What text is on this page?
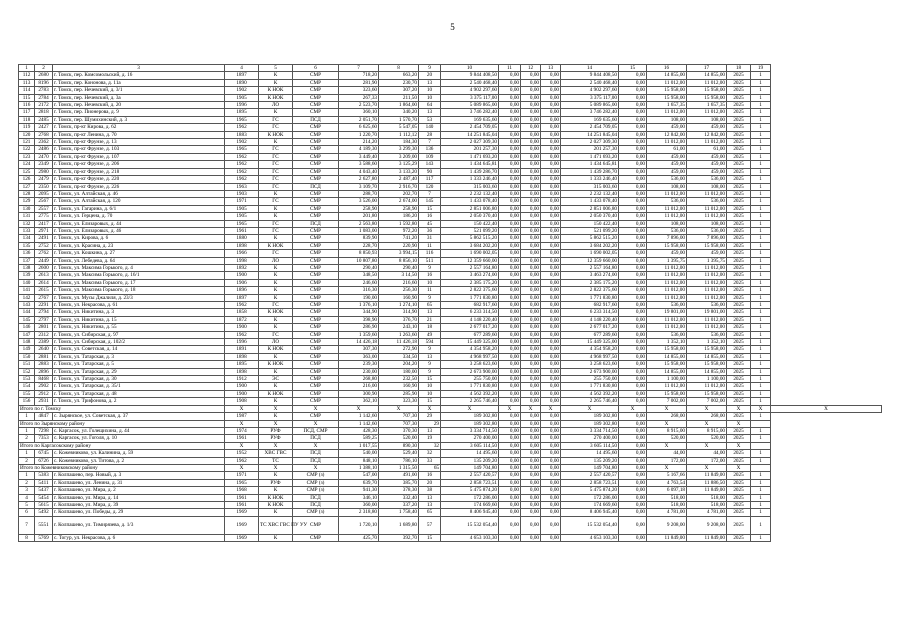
5
1	2	3	4	5	6	7	8	9	10	11	12	13	14	15	16	17	18	19	
112	2680	г. Томск, пер. Комсомольский, д. 16	1897	К	СМР	718,20	663,20	20	9 844 408,50	0,00	0,00	0,00	9 844 408,50	0,00	14 855,00	14 855,00	2025	1	
113	8196	г. Томск, пер. Кононова, д. 11а	1890	К	СМР	281,90	230,70	13	2 540 468,40	0,00	0,00	0,00	2 540 468,40	0,00	11 012,00	11 012,00	2025	1	
114	2783	г. Томск, пер. Нечевский, д. 3/1	1902	К НОК	СМР	323,60	307,20	10	4 902 297,60	0,00	0,00	0,00	4 902 297,60	0,00	15 958,00	15 958,00	2025	1	
115	2784	г. Томск, пер. Нечевский, д. 3а	1905	К НОК	СМР	267,33	211,50	10	3 375 117,00	0,00	0,00	0,00	3 375 117,00	0,00	15 958,00	15 958,00	2025	1	
116	2172	г. Томск, пер. Нечевский, д. 20	1996	ЛО	СМР	2 523,70	1 864,00	64	5 089 865,00	0,00	0,00	0,00	5 089 865,00	0,00	1 657,35	1 657,35	2025	1	
117	2818	г. Томск, пер. Пионерова, д. 9	1895	К	СМР	360,10	340,20	13	3 746 282,40	0,00	0,00	0,00	3 746 282,40	0,00	11 012,00	11 012,00	2025	1	
118	2485	г. Томск, пер. Шумихинский, д. 3	1965	ГС	ПСД	2 051,70	1 570,70	53	169 635,60	0,00	0,00	0,00	169 635,60	0,00	108,00	108,00	2025	1	
119	2427	г. Томск, пр-кт Кирова, д. 62	1962	ГС	СМР	6 625,60	5 547,05	140	2 454 709,05	0,00	0,00	0,00	2 454 709,05	0,00	459,00	459,00	2025	1	
120	2768	г. Томск, пр-кт Ленина, д. 70	1883	К НОК	СМР	1 220,70	1 112,12	28	14 251 845,04	0,00	0,00	0,00	14 251 845,04	0,00	12 842,00	12 842,00	2025	1	
121	2362	г. Томск, пр-кт Фрунзе, д. 13	1902	К	СМР	214,20	184,30	7	2 027 309,30	0,00	0,00	0,00	2 027 309,30	0,00	11 012,00	11 012,00	2025	1	
122	2486	г. Томск, пр-кт Фрунзе, д. 103	1965	ГС	СМР	4 189,30	3 299,30	136	201 257,30	0,00	0,00	0,00	201 257,30	0,00	61,00	61,00	2025	1	
123	2470	г. Томск, пр-кт Фрунзе, д. 107	1962	ГС	СМР	3 449,40	3 209,00	109	1 471 693,20	0,00	0,00	0,00	1 471 693,20	0,00	459,00	459,00	2025	1	
124	2349	г. Томск, пр-кт Фрунзе, д. 206	1962	ГС	СМР	3 588,60	3 125,29	143	1 434 645,81	0,00	0,00	0,00	1 434 645,81	0,00	459,00	459,00	2025	1	
125	2980	г. Томск, пр-кт Фрунзе, д. 218	1962	ГС	СМР	4 043,40	3 133,20	90	1 439 286,70	0,00	0,00	0,00	1 439 286,70	0,00	459,00	459,00	2025	1	
126	2479	г. Томск, пр-кт Фрунзе, д. 220	1962	ГС	СМР	2 627,80	2 487,40	117	1 333 246,40	0,00	0,00	0,00	1 333 246,40	0,00	536,00	536,00	2025	1	
127	2350	г. Томск, пр-кт Фрунзе, д. 226	1963	ГС	ПСД	3 109,70	2 916,70	120	315 003,60	0,00	0,00	0,00	315 003,60	0,00	108,00	108,00	2025	1	
128	2095	г. Томск, ул. Алтайская, д. 46	1903	К	СМР	288,70	202,70	7	2 232 132,40	0,00	0,00	0,00	2 232 132,40	0,00	11 012,00	11 012,00	2025	1	
129	2567	г. Томск, ул. Алтайская, д. 120	1971	ГС	СМР	3 526,00	2 674,00	145	1 433 078,40	0,00	0,00	0,00	1 433 078,40	0,00	536,00	536,00	2025	1	
130	2557	г. Томск, ул. Гагарина, д. 6/1	1905	К	СМР	258,90	258,90	15	2 851 006,80	0,00	0,00	0,00	2 851 006,80	0,00	11 012,00	11 012,00	2025	1	
131	2775	г. Томск, ул. Герцена, д. 70	1905	К	СМР	201,80	186,20	16	2 050 370,40	0,00	0,00	0,00	2 050 370,40	0,00	11 012,00	11 012,00	2025	1	
132	2417	г. Томск, ул. Елизаровых, д. 44	1965	ГС	ПСД	2 563,80	1 592,80	45	150 422,40	0,00	0,00	0,00	150 422,40	0,00	108,00	108,00	2025	1	
133	2971	г. Томск, ул. Елизаровых, д. 46	1961	ГС	СМР	1 083,00	972,20	36	521 099,20	0,00	0,00	0,00	521 099,20	0,00	536,00	536,00	2025	1	
134	2491	г. Томск, ул. Кирова, д. 6	1880	К	СМР	839,90	741,20	31	5 862 515,20	0,00	0,00	0,00	5 862 515,20	0,00	7 896,00	7 896,00	2025	1	
135	2752	г. Томск, ул. Красина, д. 23	1898	К НОК	СМР	228,70	220,90	11	3 684 202,20	0,00	0,00	0,00	3 684 202,20	0,00	15 958,00	15 958,00	2025	1	
136	2762	г. Томск, ул. Кошкина, д. 27	1966	ГС	СМР	8 850,93	3 994,15	116	1 690 002,05	0,00	0,00	0,00	1 690 002,05	0,00	459,00	459,00	2025	1	
137	2449	г. Томск, ул. Лебедева, д. 64	1998	ЛО	СМР	10 807,80	8 856,10	511	12 359 660,00	0,00	0,00	0,00	12 359 660,00	0,00	1 395,75	1 395,75	2025	1	
138	2600	г. Томск, ул. Максима Горького, д. 4	1892	К	СМР	290,40	290,40	9	2 557 164,80	0,00	0,00	0,00	2 557 164,80	0,00	11 012,00	11 012,00	2025	1	
139	2613	г. Томск, ул. Максима Горького, д. 16/1	1900	К	СМР	348,50	3 14,50	16	3 463 274,00	0,00	0,00	0,00	3 463 274,00	0,00	11 012,00	11 012,00	2025	1	
140	2614	г. Томск, ул. Максима Горького, д. 17	1906	К	СМР	246,60	216,60	10	2 385 175,20	0,00	0,00	0,00	2 385 175,20	0,00	11 012,00	11 012,00	2025	1	
141	2615	г. Томск, ул. Максима Горького, д. 18	1896	К	СМР	316,30	256,30	11	2 822 375,60	0,00	0,00	0,00	2 822 375,60	0,00	11 012,00	11 012,00	2025	1	
142	2767	г. Томск, ул. Мусы Джалиля, д. 23/3	1897	К	СМР	190,00	160,90	9	1 771 830,80	0,00	0,00	0,00	1 771 830,80	0,00	11 012,00	11 012,00	2025	1	
143	2291	г. Томск, ул. Некрасова, д. 61	1962	ГС	СМР	1 376,10	1 274,10	65	682 917,60	0,00	0,00	0,00	682 917,60	0,00	536,00	536,00	2025	1	
144	2794	г. Томск, ул. Никитина, д. 3	1858	К НОК	СМР	344,90	314,90	13	6 233 314,50	0,00	0,00	0,00	6 233 314,50	0,00	19 801,00	19 801,00	2025	1	
145	2797	г. Томск, ул. Никитина, д. 15	1872	К	СМР	398,90	376,70	21	4 148 220,40	0,00	0,00	0,00	4 148 220,40	0,00	11 012,00	11 012,00	2025	1	
146	2801	г. Томск, ул. Никитина, д. 55	1900	К	СМР	286,90	243,10	18	2 677 017,20	0,00	0,00	0,00	2 677 017,20	0,00	11 012,00	11 012,00	2025	1	
147	2312	г. Томск, ул. Сибирская, д. 97	1962	ГС	СМР	1 359,60	1 263,60	49	677 289,60	0,00	0,00	0,00	677 289,60	0,00	536,00	536,00	2025	1	
148	2389	г. Томск, ул. Сибирская, д. 102/2	1996	ЛО	СМР	14 426,18	11 426,18	594	15 449 325,00	0,00	0,00	0,00	15 449 325,00	0,00	1 352,10	1 352,10	2025	1	
149	2640	г. Томск, ул. Советская, д. 14	1891	К НОК	СМР	307,30	272,90	9	4 354 958,20	0,00	0,00	0,00	4 354 958,20	0,00	15 958,00	15 958,00	2025	1	
150	2881	г. Томск, ул. Татарская, д. 3	1898	К	СМР	363,00	334,50	13	4 968 997,50	0,00	0,00	0,00	4 968 997,50	0,00	14 855,00	14 855,00	2025	1	
151	2883	г. Томск, ул. Татарская, д. 5	1895	К НОК	СМР	239,30	204,20	9	3 258 623,60	0,00	0,00	0,00	3 258 623,60	0,00	15 958,00	15 958,00	2025	1	
152	2896	г. Томск, ул. Татарская, д. 29	1898	К	СМР	230,00	180,00	9	2 673 900,00	0,00	0,00	0,00	2 673 900,00	0,00	14 855,00	14 855,00	2025	1	
153	8468	г. Томск, ул. Татарская, д. 30	1912	ЭС	СМР	268,80	232,50	15	255 750,00	0,00	0,00	0,00	255 750,00	0,00	1 100,00	1 100,00	2025	1	
154	2902	г. Томск, ул. Татарская, д. 35/1	1900	К	СМР	216,00	160,90	10	1 771 830,80	0,00	0,00	0,00	1 771 830,80	0,00	11 012,00	11 012,00	2025	1	
155	2912	г. Томск, ул. Татарская, д. 48	1900	К НОК	СМР	300,90	285,90	10	4 562 392,20	0,00	0,00	0,00	4 562 392,20	0,00	15 958,00	15 958,00	2025	1	
156	2931	г. Томск, ул. Трифонова, д. 2	1908	К	СМР	362,10	323,30	15	2 265 746,40	0,00	0,00	0,00	2 265 746,40	0,00	7 002,00	7 002,00	2025	1	
Итого по г. Томску			X	X	X	X	X	X	X	X	X	X	X	X	X	X	X	X	X
1	4847	с. Зырянское, ул. Советская, д. 37	1987	К	СМР	1 142,60	707,30	29	189 302,80	0,00	0,00	0,00	189 302,80	0,00	268,00	268,00	2025	1	
Итого по Зырянскому району			X	X	X	1 142,60	707,30	29	189 302,80	0,00	0,00	0,00	189 302,80	0,00	X	X	X		
1	7298	с. Каргасок, ул. Голещихина, д. 44	1974	РУФ	ПСД, СМР	428,30	370,30	13	3 334 714,50	0,00	0,00	0,00	3 334 714,50	0,00	8 915,00	8 915,00	2025	1	
2	7353	с. Каргасок, ул. Гоголя, д. 10	1961	РУФ	ПСД	589,25	520,00	19	270 400,00	0,00	0,00	0,00	270 400,00	0,00	520,00	520,00	2025	1	
Итого по Каргасокскому району			X	X	X	1 017,55	890,30	32	3 605 114,50	0,00	0,00	0,00	3 605 114,50	0,00	X	X	X		
1	6745	с. Кожевниково, ул. Калинина, д. 59	1952	ХВС ГВС	ПСД	540,00	529,40	32	14 495,60	0,00	0,00	0,00	14 495,60	0,00	44,00	44,00	2025	1	
2	6726	с. Кожевниково, ул. Титова, д. 2	1962	ТС	ПСД	848,10	786,10	33	135 209,20	0,00	0,00	0,00	135 209,20	0,00	172,00	172,00	2025	1	
Итого по Кожевниковскому району			X	X	X	1 388,10	1 315,50	65	149 704,80	0,00	0,00	0,00	149 704,80	0,00	X	X	X		
1	5383	г. Колпашево, пер. Новый, д. 3	1971	К	СМР (з)	547,00	491,00	16	2 557 420,57	0,00	0,00	0,00	2 557 420,57	0,00	5 167,66	11 849,00	2025	1	
2	5411	г. Колпашево, ул. Ленина, д. 31	1965	РУФ	СМР (з)	639,70	385,70	20	2 858 723,51	0,00	0,00	0,00	2 858 723,51	0,00	4 763,54	11 886,50	2025	1	
3	5437	г. Колпашево, ул. Мира, д. 2	1968	К	СМР (з)	941,30	378,30	38	5 475 874,20	0,00	0,00	0,00	5 475 874,20	0,00	6 097,18	11 849,00	2025	1	
4	5454	г. Колпашево, ул. Мира, д. 14	1961	К НОК	ПСД	346,10	332,40	13	172 286,00	0,00	0,00	0,00	172 286,00	0,00	518,00	518,00	2025	1	
5	5615	г. Колпашево, ул. Мира, д. 39	1961	К НОК	ПСД	360,00	337,20	13	174 669,60	0,00	0,00	0,00	174 669,60	0,00	518,00	518,00	2025	1	
6	5492	г. Колпашево, ул. Победы, д. 29	1969	К	СМР (з)	2 318,80	1 758,40	65	8 406 945,40	0,00	0,00	0,00	8 406 945,40	0,00	4 781,00	4 781,00	2025	1	
7	5551	г. Колпашево, ул. Тимирязева, д. 1/3	1969	ТС ХВС ГВС ПУ УУ	СМР	1 720,10	1 689,80	57	15 532 054,40	0,00	0,00	0,00	15 532 054,40	0,00	9 208,00	9 208,00	2025	1	
8	5769	с. Тогур, ул. Некрасова, д. 6	1969	К	СМР	425,70	392,70	15	4 653 103,30	0,00	0,00	0,00	4 653 103,30	0,00	11 849,00	11 849,00	2025	1	
